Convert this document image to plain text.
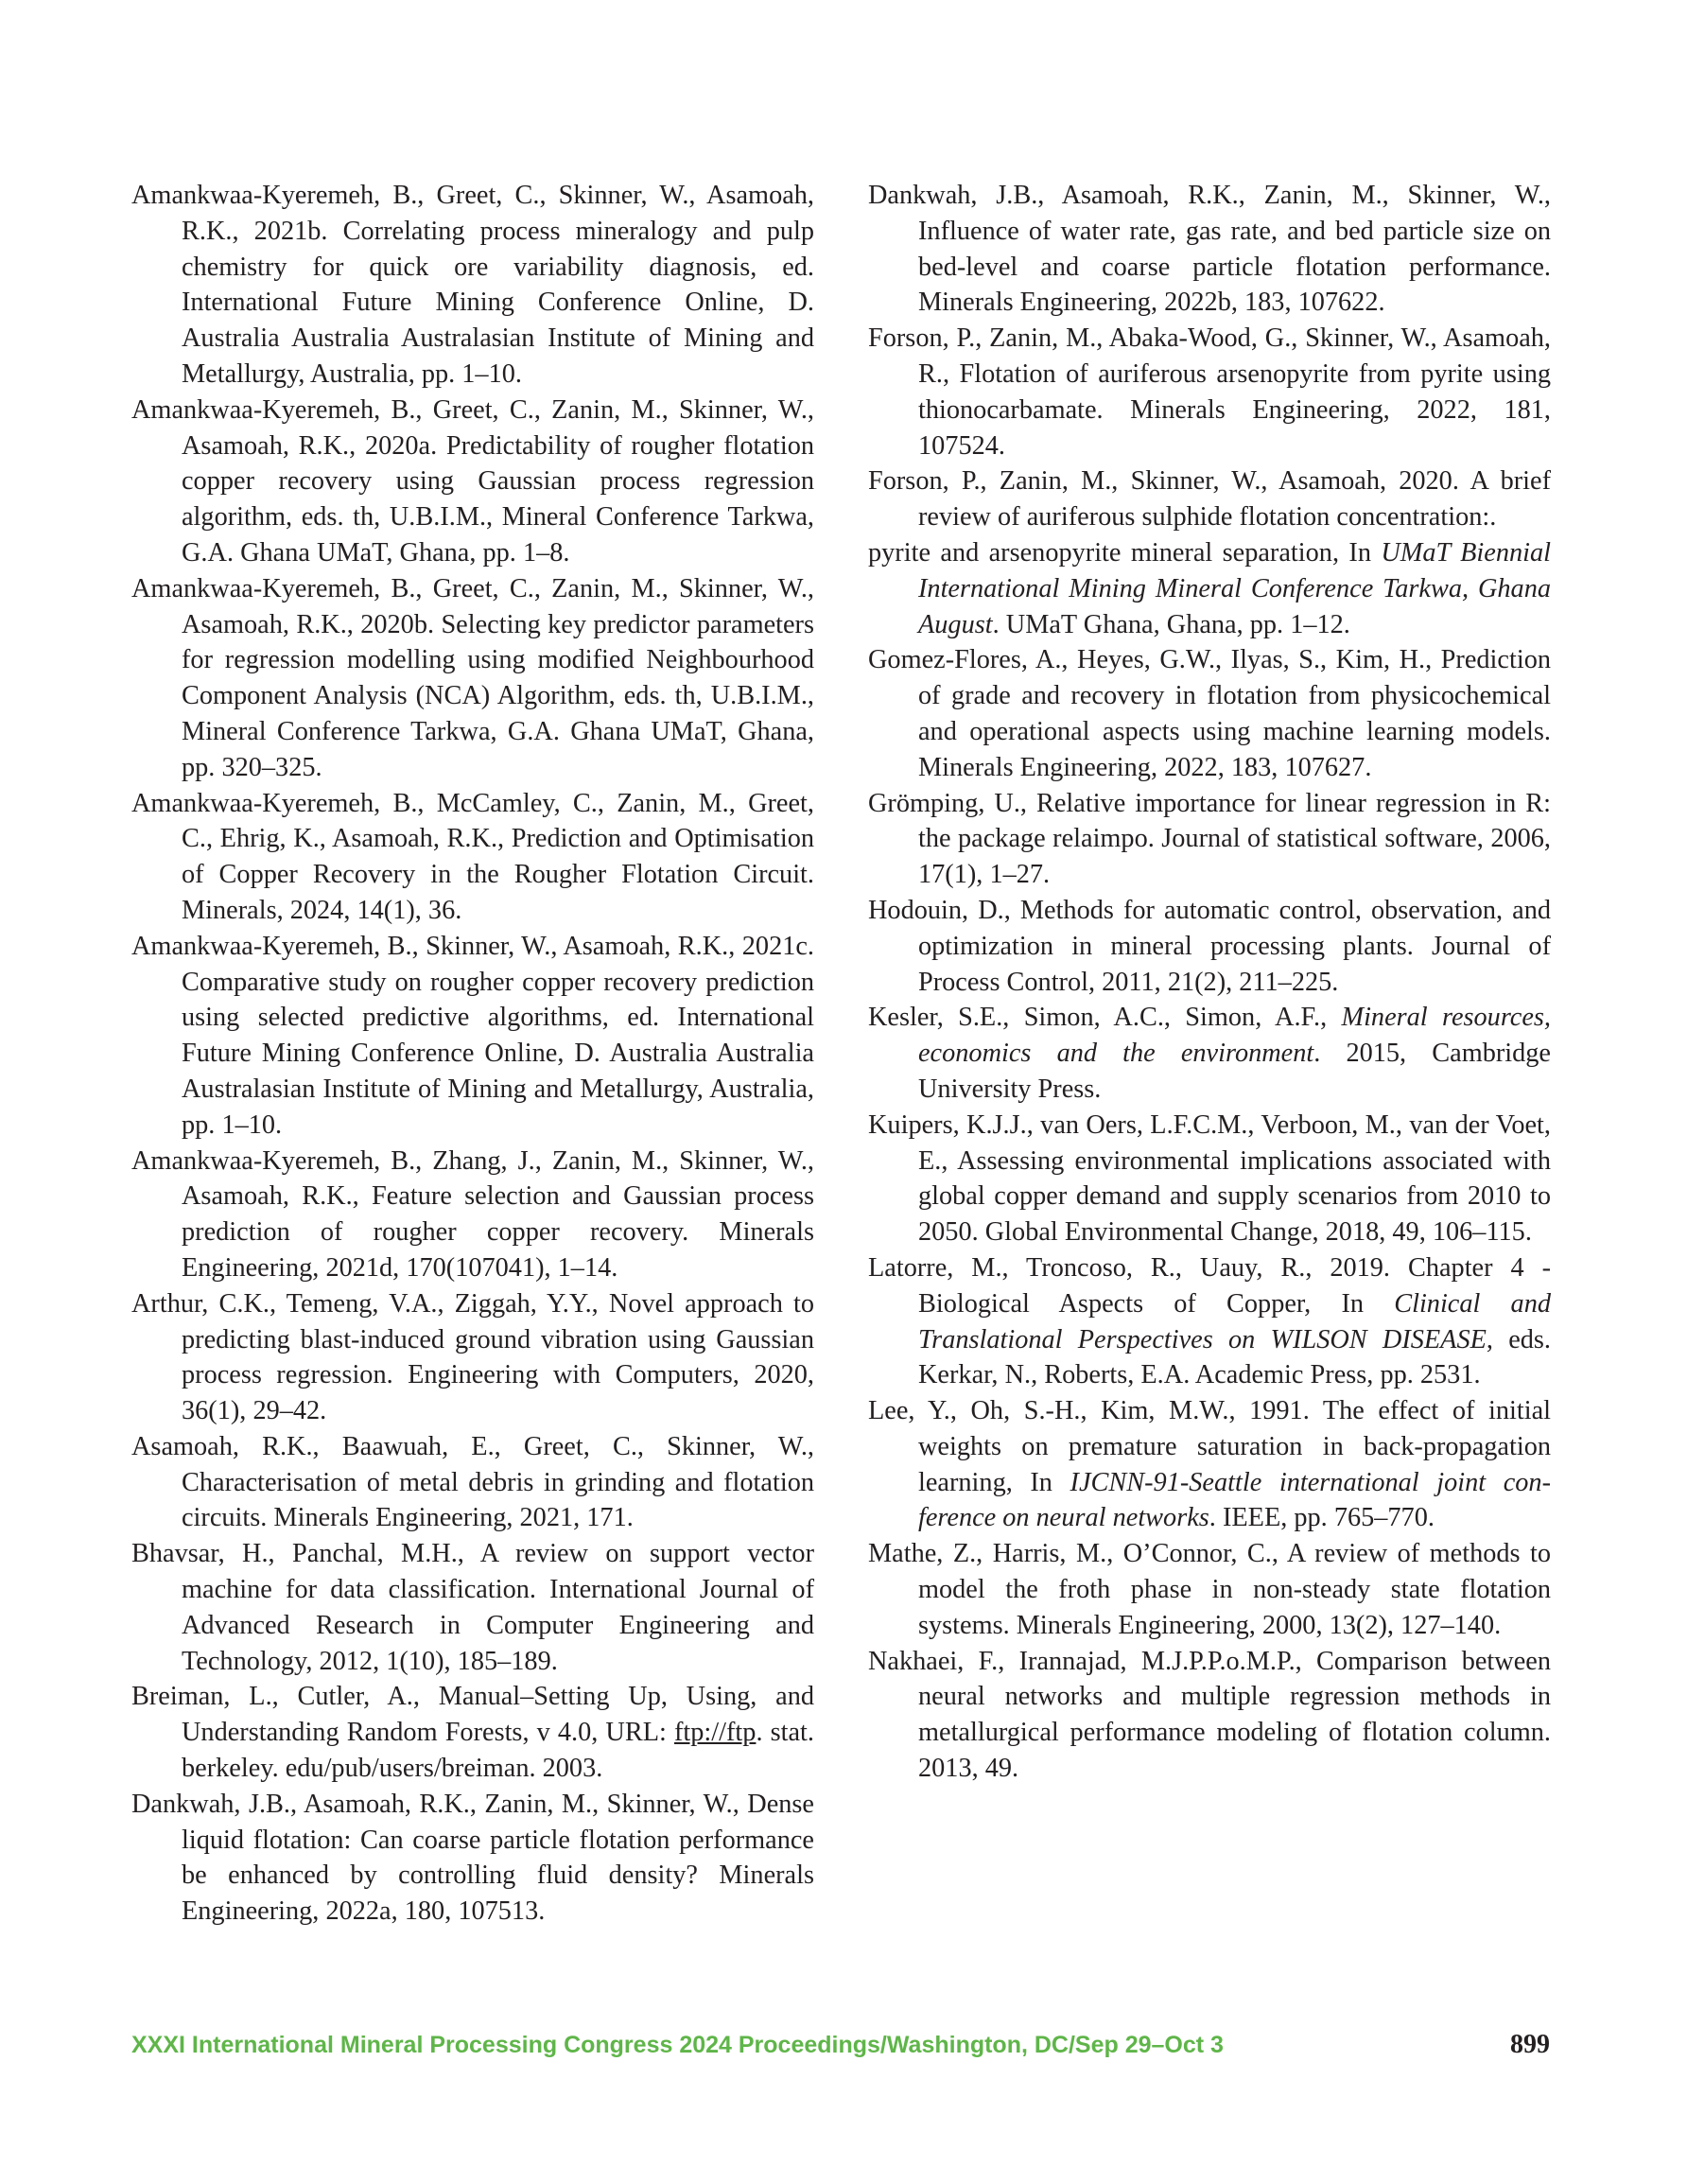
Amankwaa-Kyeremeh, B., Greet, C., Skinner, W., Asamoah, R.K., 2021b. Correlating process mineralogy and pulp chemistry for quick ore variability diagnosis, ed. International Future Mining Conference Online, D. Australia Australia Australasian Institute of Mining and Metallurgy, Australia, pp. 1–10.

Amankwaa-Kyeremeh, B., Greet, C., Zanin, M., Skinner, W., Asamoah, R.K., 2020a. Predictability of rougher flotation copper recovery using Gaussian process regression algorithm, eds. th, U.B.I.M., Mineral Conference Tarkwa, G.A. Ghana UMaT, Ghana, pp. 1–8.

Amankwaa-Kyeremeh, B., Greet, C., Zanin, M., Skinner, W., Asamoah, R.K., 2020b. Selecting key predictor parameters for regression modelling using modified Neighbourhood Component Analysis (NCA) Algorithm, eds. th, U.B.I.M., Mineral Conference Tarkwa, G.A. Ghana UMaT, Ghana, pp. 320–325.

Amankwaa-Kyeremeh, B., McCamley, C., Zanin, M., Greet, C., Ehrig, K., Asamoah, R.K., Prediction and Optimisation of Copper Recovery in the Rougher Flotation Circuit. Minerals, 2024, 14(1), 36.

Amankwaa-Kyeremeh, B., Skinner, W., Asamoah, R.K., 2021c. Comparative study on rougher copper recovery prediction using selected predictive algorithms, ed. International Future Mining Conference Online, D. Australia Australia Australasian Institute of Mining and Metallurgy, Australia, pp. 1–10.

Amankwaa-Kyeremeh, B., Zhang, J., Zanin, M., Skinner, W., Asamoah, R.K., Feature selection and Gaussian process prediction of rougher copper recovery. Minerals Engineering, 2021d, 170(107041), 1–14.

Arthur, C.K., Temeng, V.A., Ziggah, Y.Y., Novel approach to predicting blast-induced ground vibration using Gaussian process regression. Engineering with Computers, 2020, 36(1), 29–42.

Asamoah, R.K., Baawuah, E., Greet, C., Skinner, W., Characterisation of metal debris in grinding and flotation circuits. Minerals Engineering, 2021, 171.

Bhavsar, H., Panchal, M.H., A review on support vector machine for data classification. International Journal of Advanced Research in Computer Engineering and Technology, 2012, 1(10), 185–189.

Breiman, L., Cutler, A., Manual–Setting Up, Using, and Understanding Random Forests, v 4.0, URL: ftp://ftp. stat. berkeley. edu/pub/users/breiman. 2003.

Dankwah, J.B., Asamoah, R.K., Zanin, M., Skinner, W., Dense liquid flotation: Can coarse particle flotation performance be enhanced by controlling fluid density? Minerals Engineering, 2022a, 180, 107513.

Dankwah, J.B., Asamoah, R.K., Zanin, M., Skinner, W., Influence of water rate, gas rate, and bed particle size on bed-level and coarse particle flotation performance. Minerals Engineering, 2022b, 183, 107622.

Forson, P., Zanin, M., Abaka-Wood, G., Skinner, W., Asamoah, R., Flotation of auriferous arsenopyrite from pyrite using thionocarbamate. Minerals Engineering, 2022, 181, 107524.

Forson, P., Zanin, M., Skinner, W., Asamoah, 2020. A brief review of auriferous sulphide flotation concentration:.

pyrite and arsenopyrite mineral separation, In UMaT Biennial International Mining Mineral Conference Tarkwa, Ghana August. UMaT Ghana, Ghana, pp. 1–12.

Gomez-Flores, A., Heyes, G.W., Ilyas, S., Kim, H., Prediction of grade and recovery in flotation from physicochemical and operational aspects using machine learning models. Minerals Engineering, 2022, 183, 107627.

Grömping, U., Relative importance for linear regression in R: the package relaimpo. Journal of statistical software, 2006, 17(1), 1–27.

Hodouin, D., Methods for automatic control, observation, and optimization in mineral processing plants. Journal of Process Control, 2011, 21(2), 211–225.

Kesler, S.E., Simon, A.C., Simon, A.F., Mineral resources, economics and the environment. 2015, Cambridge University Press.

Kuipers, K.J.J., van Oers, L.F.C.M., Verboon, M., van der Voet, E., Assessing environmental implications associated with global copper demand and supply scenarios from 2010 to 2050. Global Environmental Change, 2018, 49, 106–115.

Latorre, M., Troncoso, R., Uauy, R., 2019. Chapter 4 - Biological Aspects of Copper, In Clinical and Translational Perspectives on WILSON DISEASE, eds. Kerkar, N., Roberts, E.A. Academic Press, pp. 2531.

Lee, Y., Oh, S.-H., Kim, M.W., 1991. The effect of initial weights on premature saturation in back-propagation learning, In IJCNN-91-Seattle international joint conference on neural networks. IEEE, pp. 765–770.

Mathe, Z., Harris, M., O’Connor, C., A review of methods to model the froth phase in non-steady state flotation systems. Minerals Engineering, 2000, 13(2), 127–140.

Nakhaei, F., Irannajad, M.J.P.P.o.M.P., Comparison between neural networks and multiple regression methods in metallurgical performance modeling of flotation column. 2013, 49.

XXXI International Mineral Processing Congress 2024 Proceedings/Washington, DC/Sep 29–Oct 3	899
